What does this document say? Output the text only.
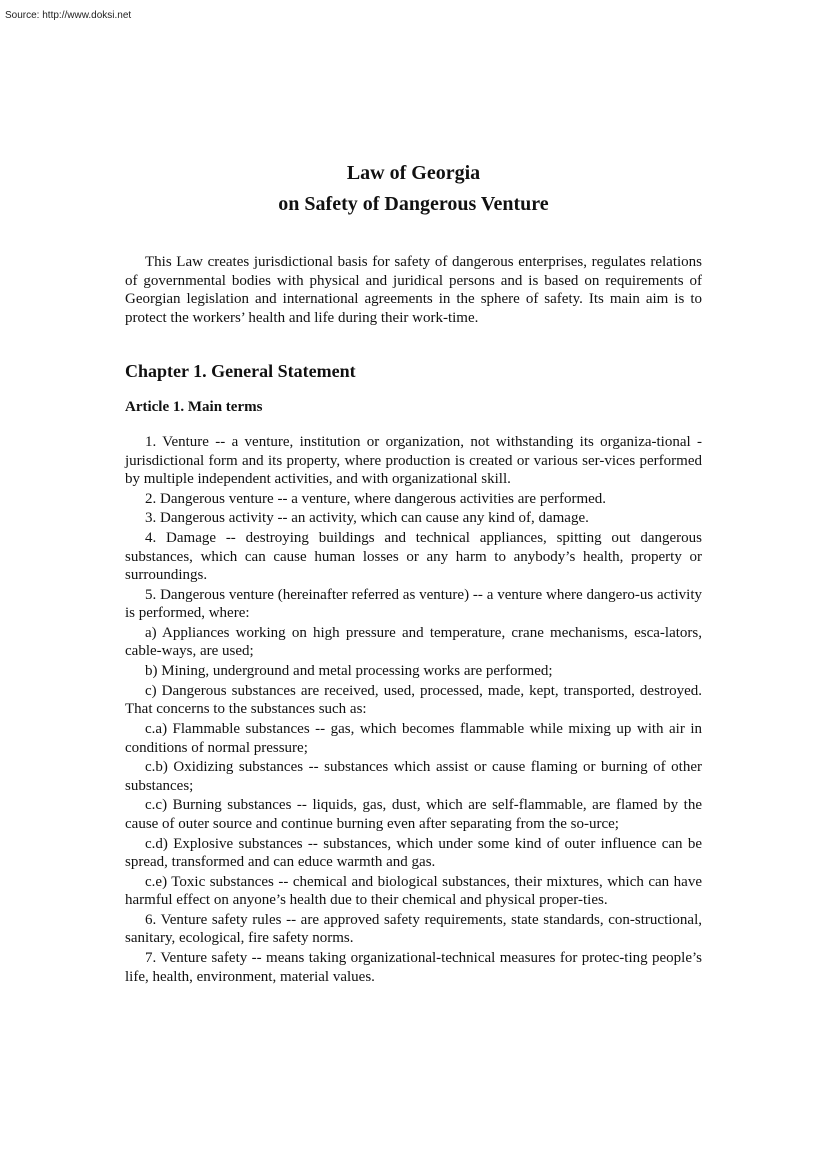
Source: http://www.doksi.net
Law of Georgia
on Safety of Dangerous Venture

This Law creates jurisdictional basis for safety of dangerous enterprises, regulates relations of governmental bodies with physical and juridical persons and is based on requirements of Georgian legislation and international agreements in the sphere of safety. Its main aim is to protect the workers’ health and life during their work-time.

Chapter 1. General Statement
Article 1. Main terms

1. Venture -- a venture, institution or organization, not withstanding its organiza-tional -jurisdictional form and its property, where production is created or various ser-vices performed by multiple independent activities, and with organizational skill.

2. Dangerous venture -- a venture, where dangerous activities are performed.

3. Dangerous activity -- an activity, which can cause any kind of, damage.

4. Damage -- destroying buildings and technical appliances, spitting out dangerous substances, which can cause human losses or any harm to anybody’s health, property or surroundings.

5. Dangerous venture (hereinafter referred as venture) -- a venture where dangero-us activity is performed, where:

a) Appliances working on high pressure and temperature, crane mechanisms, esca-lators, cable-ways, are used;

b) Mining, underground and metal processing works are performed;

c) Dangerous substances are received, used, processed, made, kept, transported, destroyed. That concerns to the substances such as:

c.a) Flammable substances -- gas, which becomes flammable while mixing up with air in conditions of normal pressure;

c.b) Oxidizing substances -- substances which assist or cause flaming or burning of other substances;

c.c) Burning substances -- liquids, gas, dust, which are self-flammable, are flamed by the cause of outer source and continue burning even after separating from the so-urce;

c.d) Explosive substances -- substances, which under some kind of outer influence can be spread, transformed and can educe warmth and gas.

c.e) Toxic substances -- chemical and biological substances, their mixtures, which can have harmful effect on anyone’s health due to their chemical and physical proper-ties.

6. Venture safety rules -- are approved safety requirements, state standards, con-structional, sanitary, ecological, fire safety norms.

7. Venture safety -- means taking organizational-technical measures for protec-ting people’s life, health, environment, material values.
